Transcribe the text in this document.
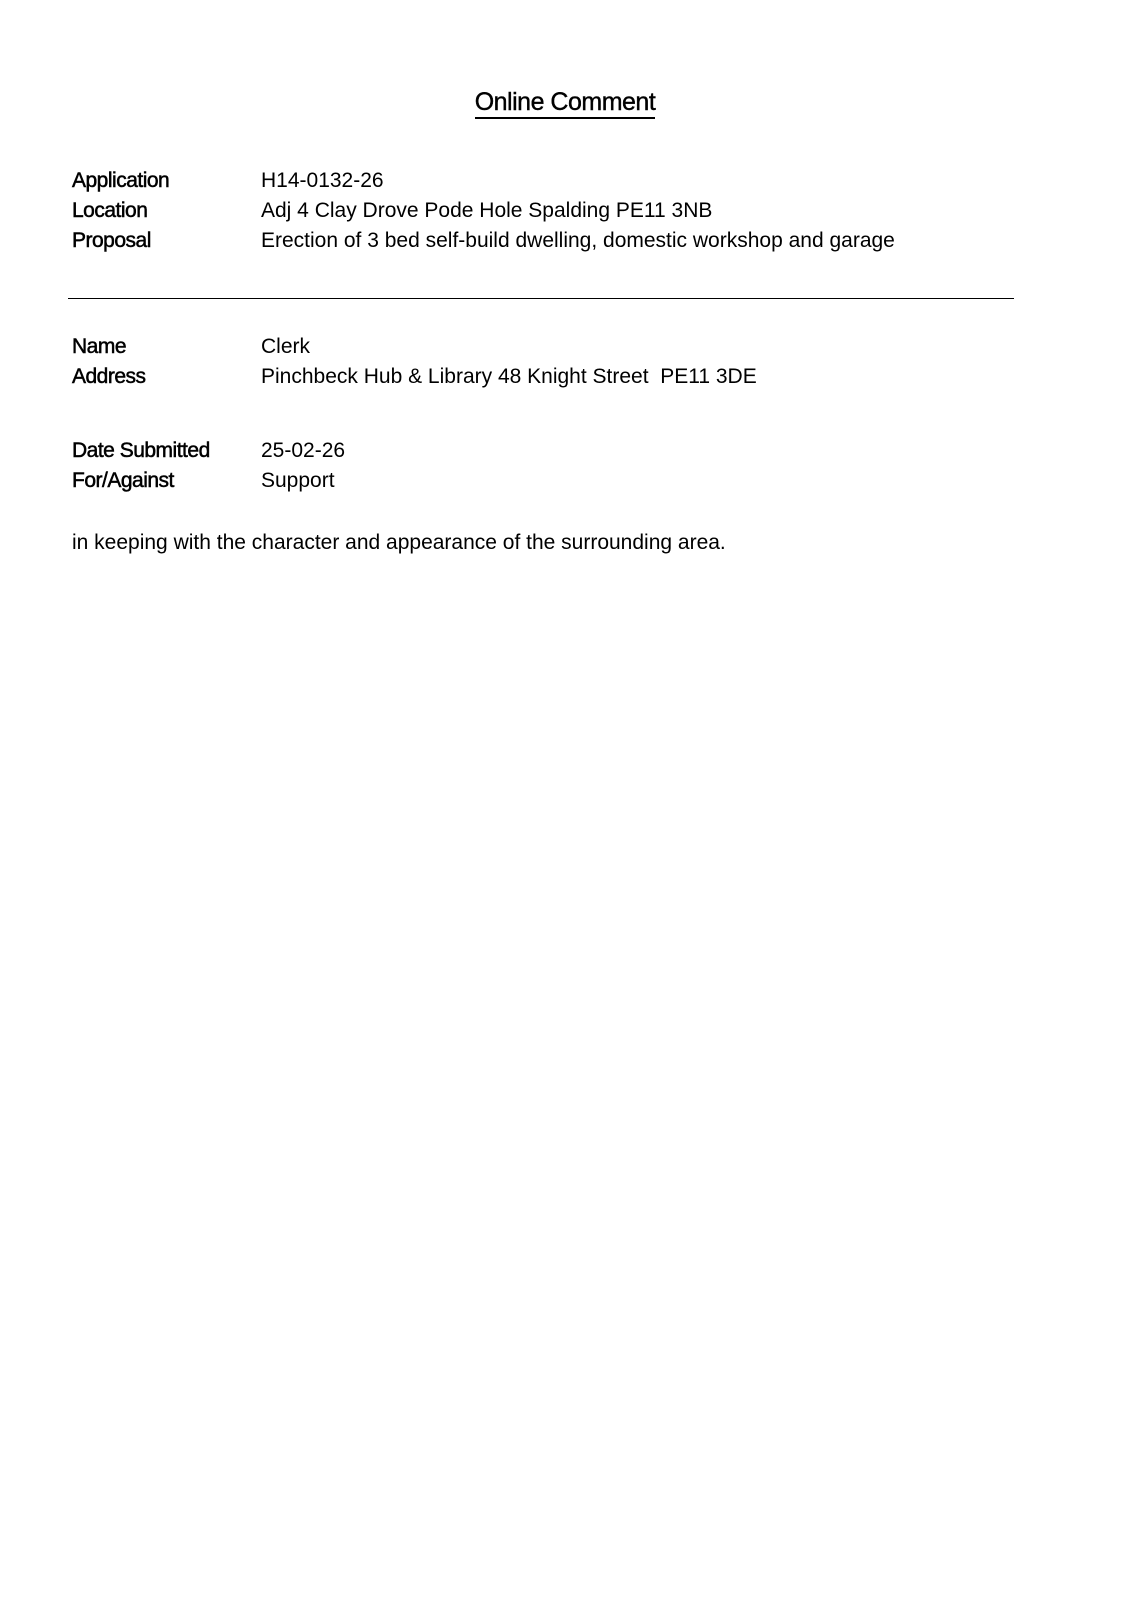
Online Comment
Application	H14-0132-26
Location	Adj 4 Clay Drove Pode Hole Spalding PE11 3NB
Proposal	Erection of 3 bed self-build dwelling, domestic workshop and garage
Name	Clerk
Address	Pinchbeck Hub & Library 48 Knight Street  PE11 3DE
Date Submitted	25-02-26
For/Against	Support
in keeping with the character and appearance of the surrounding area.
